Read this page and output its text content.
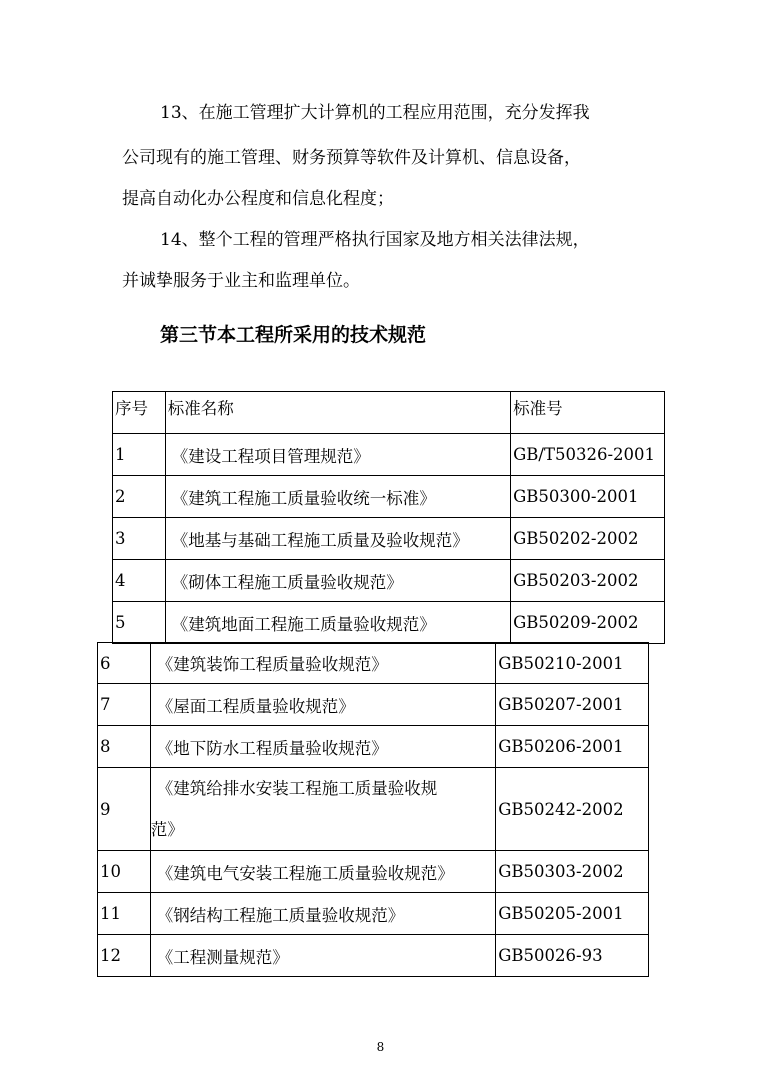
13、在施工管理扩大计算机的工程应用范围，充分发挥我

公司现有的施工管理、财务预算等软件及计算机、信息设备，

提高自动化办公程度和信息化程度；

14、整个工程的管理严格执行国家及地方相关法律法规，

并诚挚服务于业主和监理单位。

第三节本工程所采用的技术规范
序号	标准名称	标准号
1	《建设工程项目管理规范》	GB/T50326-2001
2	《建筑工程施工质量验收统一标准》	GB50300-2001
3	《地基与基础工程施工质量及验收规范》	GB50202-2002
4	《砌体工程施工质量验收规范》	GB50203-2002
5	《建筑地面工程施工质量验收规范》	GB50209-2002
6	《建筑装饰工程质量验收规范》	GB50210-2001
7	《屋面工程质量验收规范》	GB50207-2001
8	《地下防水工程质量验收规范》	GB50206-2001
9	《建筑给排水安装工程施工质量验收规
范》	GB50242-2002
10	《建筑电气安装工程施工质量验收规范》	GB50303-2002
11	《钢结构工程施工质量验收规范》	GB50205-2001
12	《工程测量规范》	GB50026-93
8
